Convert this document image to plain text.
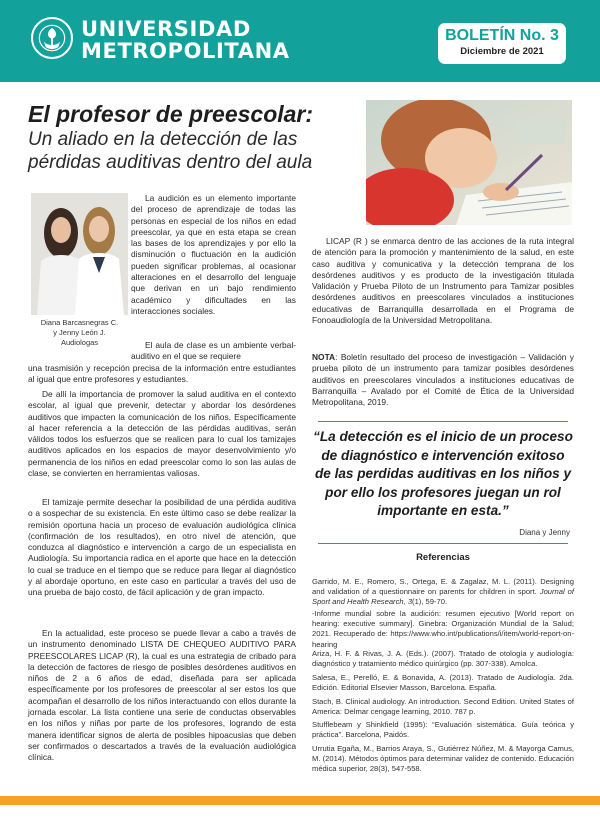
UNIVERSIDAD
METROPOLITANA
BOLETÍN No. 3
Diciembre de 2021
El profesor de preescolar:
Un aliado en la detección de las
pérdidas auditivas dentro del aula
Diana Barcasnegras C.
y Jenny León J.
Audiologas
La audición es un elemento importante del proceso de aprendizaje de todas las personas en especial de los niños en edad preescolar, ya que en esta etapa se crean las bases de los aprendizajes y por ello la disminución o fluctuación en la audición pueden significar problemas, al ocasionar alteraciones en el desarrollo del lenguaje que derivan en un bajo rendimiento académico y dificultades en las interacciones sociales.
El aula de clase es un ambiente verbal-auditivo en el que se requiere
una trasmisión y recepción precisa de la información entre estudiantes al igual que entre profesores y estudiantes.
De allí la importancia de promover la salud auditiva en el contexto escolar, al igual que prevenir, detectar y abordar los desórdenes auditivos que impacten la comunicación de los niños. Específicamente al hacer referencia a la detección de las pérdidas auditivas, serán válidos todos los esfuerzos que se realicen para lo cual los tamizajes auditivos aplicados en los espacios de mayor desenvolvimiento y/o permanencia de los niños en edad preescolar como lo son las aulas de clase, se convierten en herramientas valiosas.
El tamizaje permite desechar la posibilidad de una pérdida auditiva o a sospechar de su existencia. En este último caso se debe realizar la remisión oportuna hacia un proceso de evaluación audiológica clínica (confirmación de los resultados), en otro nivel de atención, que conduzca al diagnóstico e intervención a cargo de un especialista en Audiología. Su importancia radica en el aporte que hace en la detección lo cual se traduce en el tiempo que se reduce para llegar al diagnóstico y al abordaje oportuno, en este caso en particular a través del uso de una prueba de bajo costo, de fácil aplicación y de gran impacto.
En la actualidad, este proceso se puede llevar a cabo a través de un instrumento denominado LISTA DE CHEQUEO AUDITIVO PARA PREESCOLARES LICAP (R), la cual es una estrategia de cribado para la detección de factores de riesgo de posibles desórdenes auditivos en niños de 2 a 6 años de edad, diseñada para ser aplicada específicamente por los profesores de preescolar al ser estos los que acompañan el desarrollo de los niños interactuando con ellos durante la jornada escolar. La lista contiene una serie de conductas observables en los niños y niñas por parte de los profesores, logrando de esta manera identificar signos de alerta de posibles hipoacusias que deben ser confirmados o descartados a través de la evaluación audiológica clínica.
LICAP (R ) se enmarca dentro de las acciones de la ruta integral de atención para la promoción y mantenimiento de la salud, en este caso auditiva y comunicativa y la detección temprana de los desórdenes auditivos y es producto de la investigación titulada Validación y Prueba Piloto de un Instrumento para Tamizar posibles desórdenes auditivos en preescolares vinculados a instituciones educativas de Barranquilla desarrollada en el Programa de Fonoaudiología de la Universidad Metropolitana.
NOTA: Boletín resultado del proceso de investigación – Validación y prueba piloto de un instrumento para tamizar posibles desórdenes auditivos en preescolares vinculados a instituciones educativas de Barranquilla – Avalado por el Comité de Ética de la Universidad Metropolitana, 2019.
“La detección es el inicio de un proceso de diagnóstico e intervención exitoso de las perdidas auditivas en los niños y por ello los profesores juegan un rol importante en esta.”
Diana y Jenny
Referencias
Garrido, M. E., Romero, S., Ortega, E. & Zagalaz, M. L. (2011). Designing and validation of a questionnaire on parents for children in sport. Journal of Sport and Health Research, 3(1), 59-70.
-Informe mundial sobre la audición: resumen ejecutivo [World report on hearing: executive summary]. Ginebra: Organización Mundial de la Salud; 2021. Recuperado de: https://www.who.int/publications/i/item/world-report-on-hearing
Ariza, H. F. & Rivas, J. A. (Eds.). (2007). Tratado de otología y audiología: diagnóstico y tratamiento médico quirúrgico (pp. 307-338). Amolca.
Salesa, E., Perelló, E. & Bonavida, A. (2013). Tratado de Audiología. 2da. Edición. Editorial Elsevier Masson, Barcelona. España.
Stach, B. Clinical audiology. An introduction. Second Edition. United States of America: Delmar cengage learning, 2010. 787 p.
Stufflebeam y Shinkfield (1995): “Evaluación sistemática. Guía teórica y práctica”. Barcelona, Paidós.
Urrutia Egaña, M., Barrios Araya, S., Gutiérrez Núñez, M. & Mayorga Camus, M. (2014). Métodos óptimos para determinar validez de contenido. Educación médica superior, 28(3), 547-558.
